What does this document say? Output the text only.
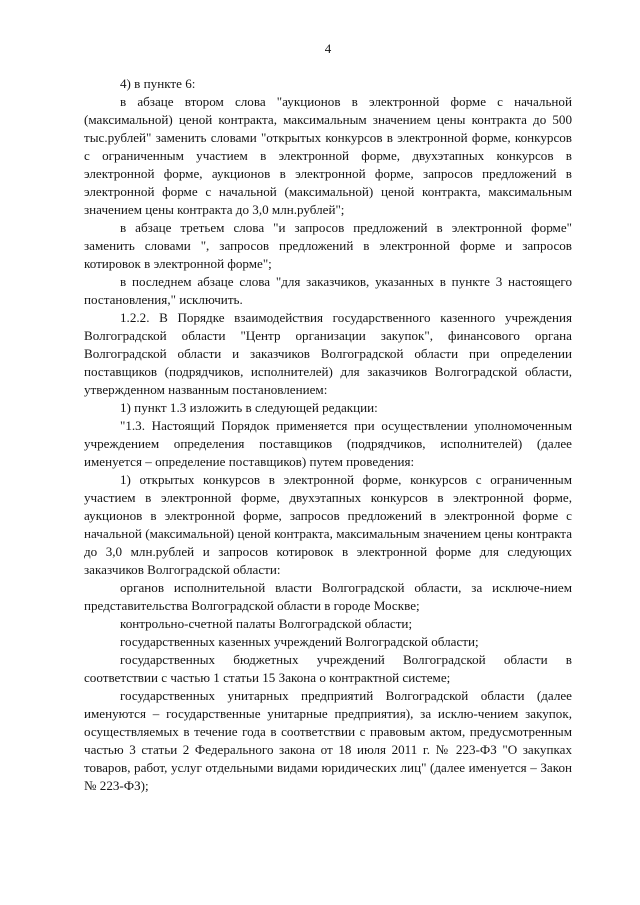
4

4) в пункте 6:

в абзаце втором слова "аукционов в электронной форме с начальной (максимальной) ценой контракта, максимальным значением цены контракта до 500 тыс.рублей" заменить словами "открытых конкурсов в электронной форме, конкурсов с ограниченным участием в электронной форме, двухэтапных конкурсов в электронной форме, аукционов в электронной форме, запросов предложений в электронной форме с начальной (максимальной) ценой контракта, максимальным значением цены контракта до 3,0 млн.рублей";

в абзаце третьем слова "и запросов предложений в электронной форме" заменить словами ", запросов предложений в электронной форме и запросов котировок в электронной форме";

в последнем абзаце слова "для заказчиков, указанных в пункте 3 настоящего постановления," исключить.

1.2.2. В Порядке взаимодействия государственного казенного учреждения Волгоградской области "Центр организации закупок", финансового органа Волгоградской области и заказчиков Волгоградской области при определении поставщиков (подрядчиков, исполнителей) для заказчиков Волгоградской области, утвержденном названным постановлением:

1) пункт 1.3 изложить в следующей редакции:

"1.3. Настоящий Порядок применяется при осуществлении уполномоченным учреждением определения поставщиков (подрядчиков, исполнителей) (далее именуется – определение поставщиков) путем проведения:

1) открытых конкурсов в электронной форме, конкурсов с ограниченным участием в электронной форме, двухэтапных конкурсов в электронной форме, аукционов в электронной форме, запросов предложений в электронной форме с начальной (максимальной) ценой контракта, максимальным значением цены контракта до 3,0 млн.рублей и запросов котировок в электронной форме для следующих заказчиков Волгоградской области:

органов исполнительной власти Волгоградской области, за исключе-нием представительства Волгоградской области в городе Москве;

контрольно-счетной палаты Волгоградской области;

государственных казенных учреждений Волгоградской области;

государственных бюджетных учреждений Волгоградской области в соответствии с частью 1 статьи 15 Закона о контрактной системе;

государственных унитарных предприятий Волгоградской области (далее именуются – государственные унитарные предприятия), за исклю-чением закупок, осуществляемых в течение года в соответствии с правовым актом, предусмотренным частью 3 статьи 2 Федерального закона от 18 июля 2011 г. № 223-ФЗ "О закупках товаров, работ, услуг отдельными видами юридических лиц" (далее именуется – Закон № 223-ФЗ);
